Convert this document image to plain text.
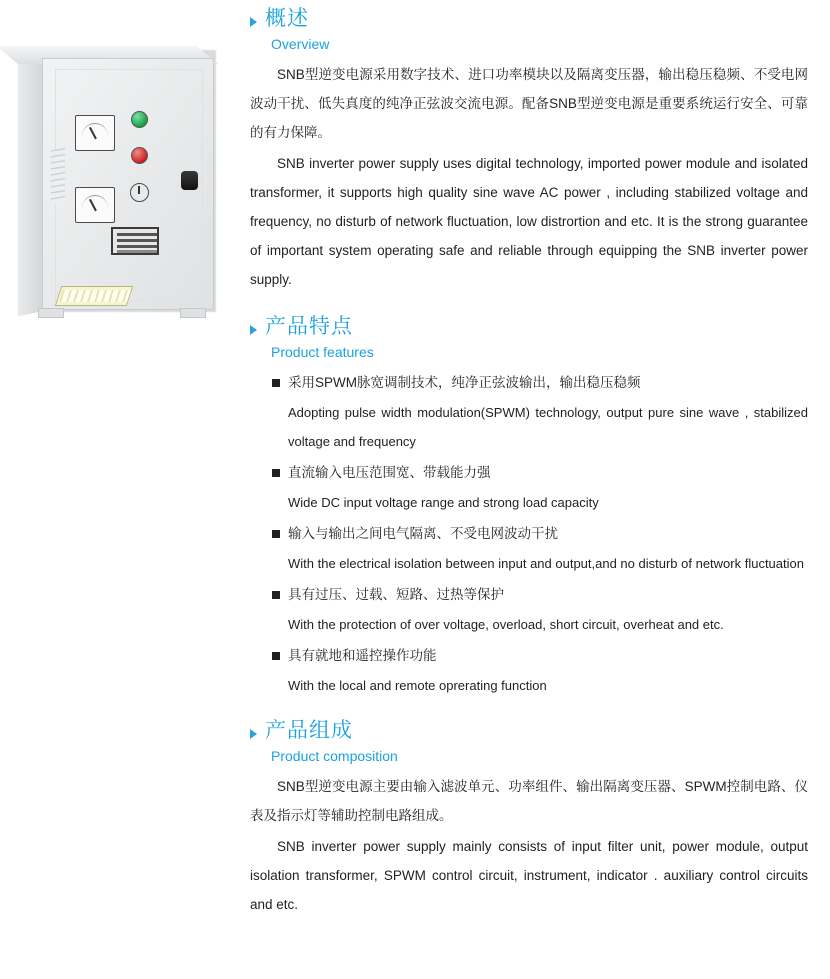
概述
Overview

SNB型逆变电源采用数字技术、进口功率模块以及隔离变压器，输出稳压稳频、不受电网波动干扰、低失真度的纯净正弦波交流电源。配备SNB型逆变电源是重要系统运行安全、可靠的有力保障。

SNB inverter power supply uses digital technology, imported power module and isolated transformer, it supports high quality sine wave AC power , including stabilized voltage and frequency, no disturb of network fluctuation, low distrortion and etc. It is the strong guarantee of important system operating safe and reliable through equipping the SNB inverter power supply.

产品特点
Product features
采用SPWM脉宽调制技术，纯净正弦波输出，输出稳压稳频
Adopting pulse width modulation(SPWM) technology, output pure sine wave , stabilized voltage and frequency
直流输入电压范围宽、带载能力强
Wide DC input voltage range and strong load capacity
输入与输出之间电气隔离、不受电网波动干扰
With the electrical isolation between input and output,and no disturb of network fluctuation
具有过压、过载、短路、过热等保护
With the protection of over voltage, overload, short circuit, overheat and etc.
具有就地和遥控操作功能
With the local and remote oprerating function
产品组成
Product composition

SNB型逆变电源主要由输入滤波单元、功率组件、输出隔离变压器、SPWM控制电路、仪表及指示灯等辅助控制电路组成。

SNB inverter power supply mainly consists of input filter unit, power module, output isolation transformer, SPWM control circuit, instrument, indicator . auxiliary control circuits and etc.
